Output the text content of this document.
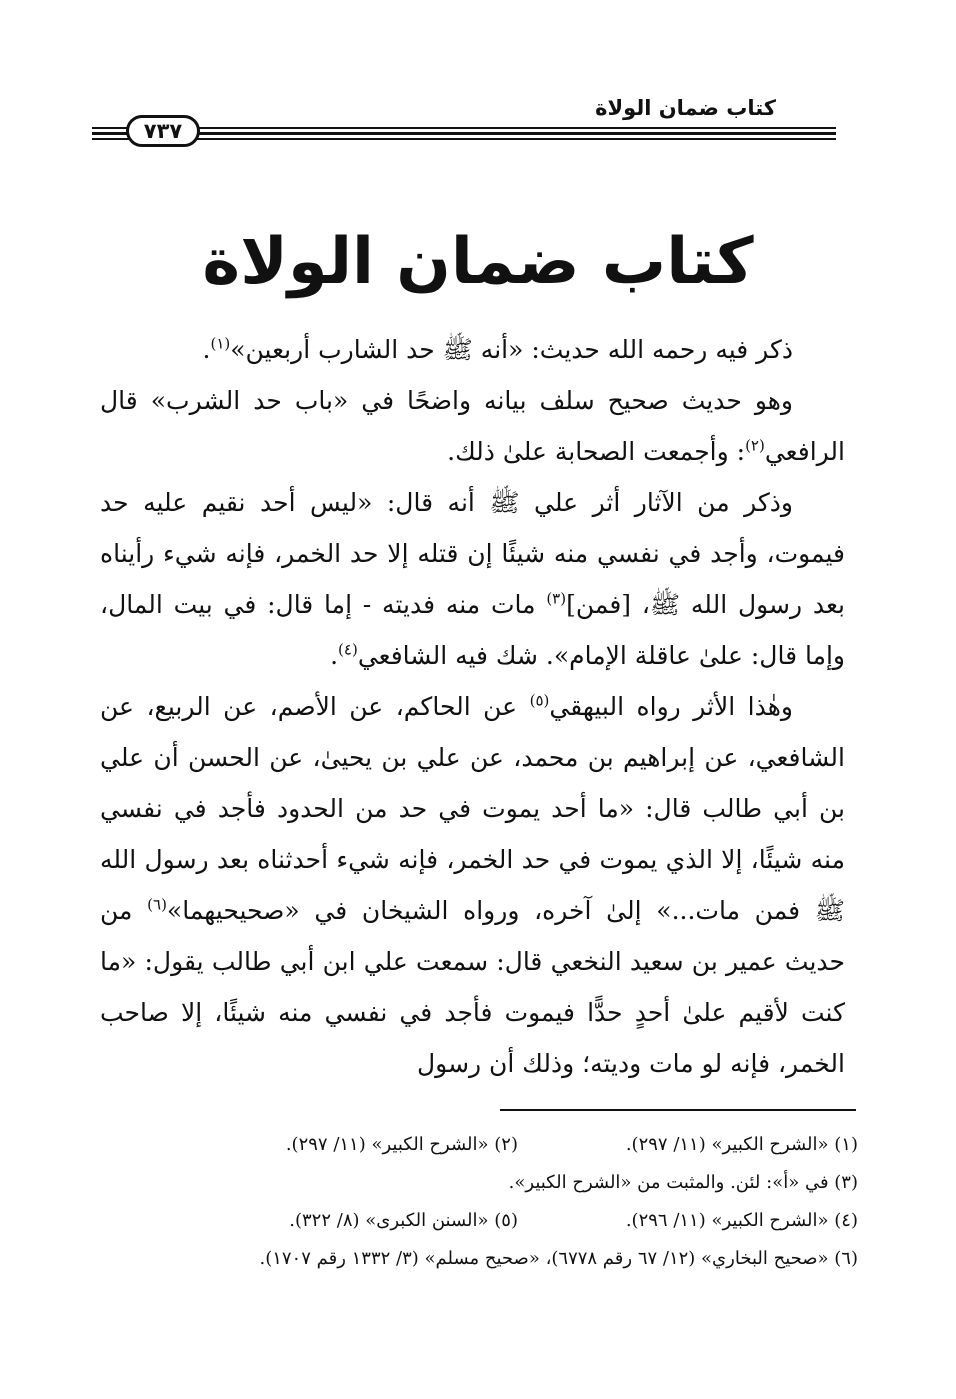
كتاب ضمان الولاة
٧٣٧
كتاب ضمان الولاة

ذكر فيه رحمه الله حديث: «أنه ﷺ حد الشارب أربعين»$^{(١)}$.

وهو حديث صحيح سلف بيانه واضحًا في «باب حد الشرب» قال الرافعي$^{(٢)}$: وأجمعت الصحابة علىٰ ذلك.

وذكر من الآثار أثر علي ﷺ أنه قال: «ليس أحد نقيم عليه حد فيموت، وأجد في نفسي منه شيئًا إن قتله إلا حد الخمر، فإنه شيء رأيناه بعد رسول الله ﷺ، [فمن]$^{(٣)}$ مات منه فديته - إما قال: في بيت المال، وإما قال: علىٰ عاقلة الإمام». شك فيه الشافعي$^{(٤)}$.

وهٰذا الأثر رواه البيهقي$^{(٥)}$ عن الحاكم، عن الأصم، عن الربيع، عن الشافعي، عن إبراهيم بن محمد، عن علي بن يحيىٰ، عن الحسن أن علي بن أبي طالب قال: «ما أحد يموت في حد من الحدود فأجد في نفسي منه شيئًا، إلا الذي يموت في حد الخمر، فإنه شيء أحدثناه بعد رسول الله ﷺ فمن مات...» إلىٰ آخره، ورواه الشيخان في «صحيحيهما»$^{(٦)}$ من حديث عمير بن سعيد النخعي قال: سمعت علي ابن أبي طالب يقول: «ما كنت لأقيم علىٰ أحدٍ حدًّا فيموت فأجد في نفسي منه شيئًا، إلا صاحب الخمر، فإنه لو مات وديته؛ وذلك أن رسول

(١) «الشرح الكبير» (١١/ ٢٩٧).
(٢) «الشرح الكبير» (١١/ ٢٩٧).
(٣) في «أ»: لئن. والمثبت من «الشرح الكبير».
(٤) «الشرح الكبير» (١١/ ٢٩٦).
(٥) «السنن الكبرى» (٨/ ٣٢٢).
(٦) «صحيح البخاري» (١٢/ ٦٧ رقم ٦٧٧٨)، «صحيح مسلم» (٣/ ١٣٣٢ رقم ١٧٠٧).
